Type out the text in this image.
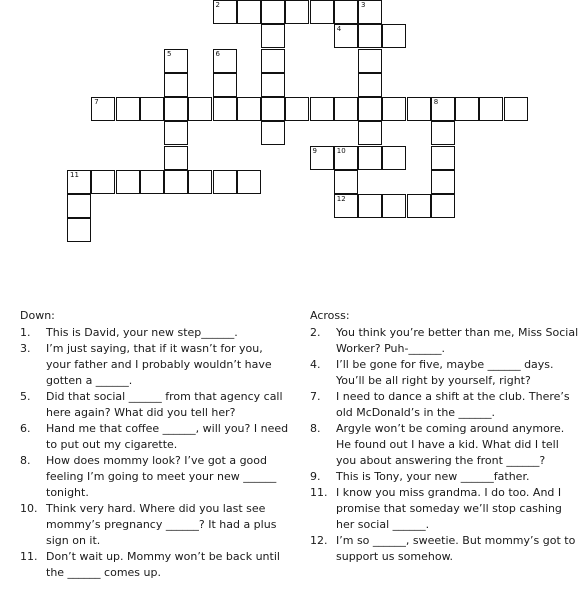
2	3
4
5	6
7	8
9	10
12
11
Down:
1.	This is David, your new step______.
3.	I’m just saying, that if it wasn’t for you, your father and I probably wouldn’t have gotten a ______.
5.	Did that social ______ from that agency call here again? What did you tell her?
6.	Hand me that coffee ______, will you? I need to put out my cigarette.
8.	How does mommy look? I’ve got a good feeling I’m going to meet your new ______ tonight.
10. Think very hard. Where did you last see mommy’s pregnancy ______? It had a plus sign on it.
11. Don’t wait up. Mommy won’t be back until the ______ comes up.
Across:
2.	You think you’re better than me, Miss Social Worker? Puh-______.
4.	I’ll be gone for five, maybe ______ days. You’ll be all right by yourself, right?
7.	I need to dance a shift at the club. There’s old McDonald’s in the ______.
8.	Argyle won’t be coming around anymore. He found out I have a kid. What did I tell you about answering the front ______?
9.	This is Tony, your new ______father.
11. I know you miss grandma. I do too. And I promise that someday we’ll stop cashing her social ______.
12. I’m so ______, sweetie. But mommy’s got to support us somehow.
